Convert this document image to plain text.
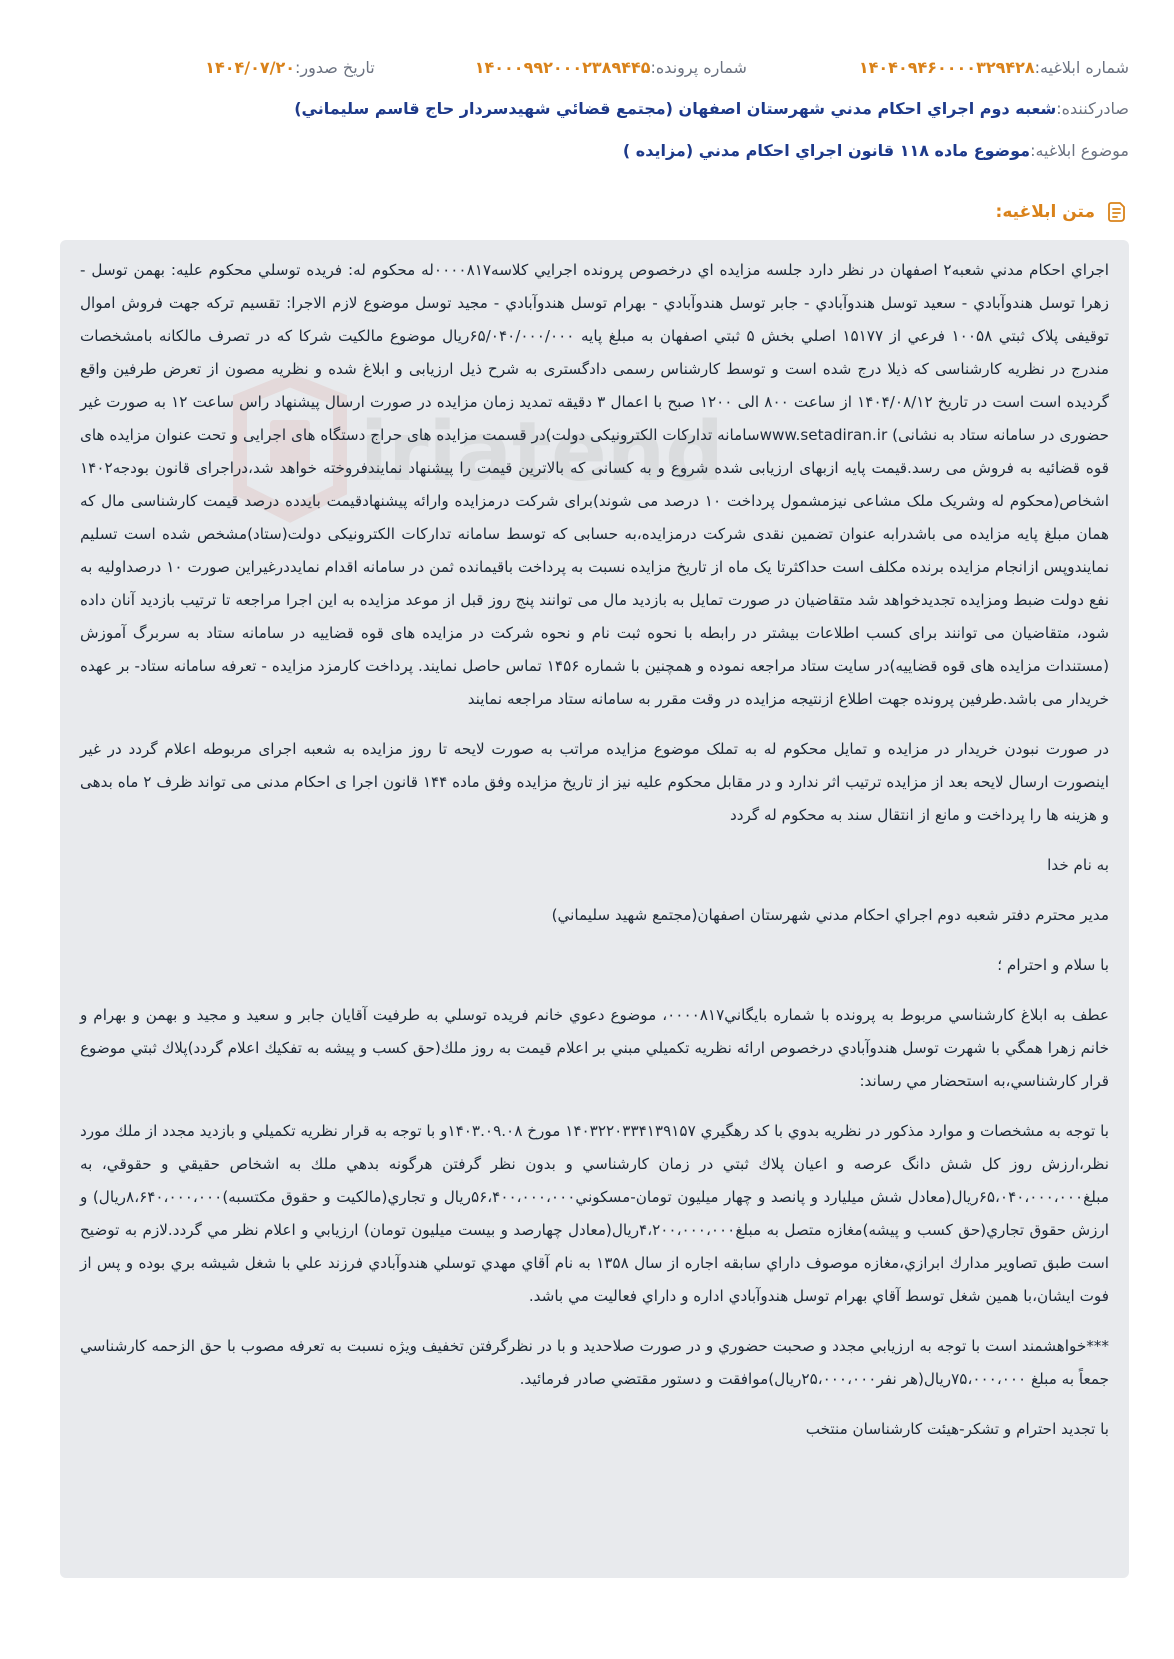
شماره ابلاغیه:
۱۴۰۴۰۹۴۶۰۰۰۰۳۲۹۴۲۸
شماره پرونده:
۱۴۰۰۰۹۹۲۰۰۰۲۳۸۹۴۴۵
تاریخ صدور:
۱۴۰۴/۰۷/۲۰
صادرکننده:
شعبه دوم اجراي احكام مدني شهرستان اصفهان (مجتمع قضائي شهيدسردار حاج قاسم سليماني)
موضوع ابلاغیه:
موضوع ماده ۱۱۸ قانون اجراي احكام مدني (مزايده )
متن ابلاغیه:
iriatend

اجراي احكام مدني شعبه۲ اصفهان در نظر دارد جلسه مزايده اي درخصوص پرونده اجرايي كلاسه۸۱۷‏۰۰۰۰له محكوم له: فريده توسلي محكوم عليه: بهمن توسل - زهرا توسل هندوآبادي - سعيد توسل هندوآبادي - جابر توسل هندوآبادي - بهرام توسل هندوآبادي - مجيد توسل موضوع لازم الاجرا: تقسيم تركه جهت فروش اموال توقيفی پلاک ثبتي ۱۰۰۵۸ فرعي از ۱۵۱۷۷ اصلي بخش ۵ ثبتي اصفهان به مبلغ پایه ۶۵/۰۴۰/۰۰۰/۰۰۰ريال موضوع مالکیت شرکا که در تصرف مالکانه بامشخصات مندرج در نظریه کارشناسی که ذیلا درج شده است و توسط کارشناس رسمی دادگستری به شرح ذیل ارزیابی و ابلاغ شده و نظریه مصون از تعرض طرفین واقع گردیده است است در تاریخ ۱۴۰۴/۰۸/۱۲ از ساعت ۸۰۰ الی ۱۲۰۰ صبح با اعمال ۳ دقیقه تمدید زمان مزایده در صورت ارسال پیشنهاد راس ساعت ۱۲ به صورت غیر حضوری در سامانه ستاد به نشانی) www.setadiran.irسامانه تداركات الكترونيكی دولت)در قسمت مزایده های حراج دستگاه های اجرایی و تحت عنوان مزایده های قوه قضائیه به فروش می رسد.قيمت پايه ازبهای ارزیابی شده شروع و به كسانی كه بالاترین قیمت را پیشنهاد نمایندفروخته خواهد شد،دراجرای قانون بودجه۱۴۰۲ اشخاص(محکوم له وشریک ملک مشاعی نیزمشمول پرداخت ۱۰ درصد می شوند)برای شركت درمزايده وارائه پيشنهادقيمت بايدده درصد قيمت كارشناسی مال كه همان مبلغ پايه مزايده می باشدرابه عنوان تضمين نقدی شركت درمزايده،به حسابی كه توسط سامانه تداركات الكترونيكی دولت(ستاد)مشخص شده است تسليم نمايندوپس ازانجام مزايده برنده مكلف است حداكثرتا يک ماه از تاريخ مزايده نسبت به پرداخت باقيمانده ثمن در سامانه اقدام نمايددرغيراين صورت ۱۰ درصداوليه به نفع دولت ضبط ومزايده تجديدخواهد شد متقاضیان در صورت تمایل به بازدید مال می توانند پنج روز قبل از موعد مزایده به این اجرا مراجعه تا ترتیب بازدید آنان داده شود، متقاضيان می توانند برای كسب اطلاعات بيشتر در رابطه با نحوه ثبت نام و نحوه شركت در مزايده های قوه قضاييه در سامانه ستاد به سربرگ آموزش (مستندات مزايده های قوه قضاييه)در سايت ستاد مراجعه نموده و همچنين با شماره ۱۴۵۶ تماس حاصل نمايند. پرداخت کارمزد مزایده - تعرفه سامانه ستاد- بر عهده خریدار می باشد.طرفین پرونده جهت اطلاع ازنتیجه مزایده در وقت مقرر به سامانه ستاد مراجعه نمایند

در صورت نبودن خریدار در مزایده و تمایل محکوم له به تملک موضوع مزایده مراتب به صورت لایحه تا روز مزایده به شعبه اجرای مربوطه اعلام گردد در غیر اینصورت ارسال لایحه بعد از مزایده ترتیب اثر ندارد و در مقابل محکوم علیه نیز از تاریخ مزایده وفق ماده ۱۴۴ قانون اجرا ی احکام مدنی می تواند ظرف ۲ ماه بدهی و هزینه ها را پرداخت و مانع از انتقال سند به محکوم له گردد

به نام خدا

مدير محترم دفتر شعبه دوم اجراي احكام مدني شهرستان اصفهان(مجتمع شهيد سليماني)

با سلام و احترام ؛

عطف به ابلاغ كارشناسي مربوط به پرونده با شماره بايگاني‎۸۱۷‏۰۰۰۰، موضوع دعوي خانم فريده توسلي به طرفيت آقايان جابر و سعيد و مجيد و بهمن و بهرام و خانم زهرا همگي با شهرت توسل هندوآبادي درخصوص ارائه نظريه تكميلي مبني بر اعلام قيمت به روز ملك(حق كسب و پيشه به تفكيك اعلام گردد)پلاك ثبتي موضوع قرار كارشناسي،به استحضار مي رساند:

با توجه به مشخصات و موارد مذكور در نظريه بدوي با كد رهگيري ۱۴۰۳۲۲۰۳۳۴۱۳۹۱۵۷ مورخ ۱۴۰۳.۰۹.۰۸و با توجه به قرار نظريه تكميلي و بازديد مجدد از ملك مورد نظر،ارزش روز كل شش دانگ عرصه و اعيان پلاك ثبتي در زمان كارشناسي و بدون نظر گرفتن هرگونه بدهي ملك به اشخاص حقيقي و حقوقي، به مبلغ۶۵،۰۴۰،۰۰۰،۰۰۰ريال(معادل شش ميليارد و پانصد و چهار ميليون تومان-مسكوني‎۵۶،۴۰۰،۰۰۰،۰۰۰ريال و تجاري(مالكيت و حقوق مكتسبه)‎۸،۶۴۰،۰۰۰،۰۰۰ريال) و ارزش حقوق تجاري(حق كسب و پيشه)مغازه متصل به مبلغ‎۴،۲۰۰،۰۰۰،۰۰۰ريال(معادل چهارصد و بيست ميليون تومان) ارزيابي و اعلام نظر مي گردد.لازم به توضيح است طبق تصاوير مدارك ابرازي،مغازه موصوف داراي سابقه اجاره از سال ۱۳۵۸ به نام آقاي مهدي توسلي هندوآبادي فرزند علي با شغل شيشه بري بوده و پس از فوت ايشان،با همين شغل توسط آقاي بهرام توسل هندوآبادي اداره و داراي فعاليت مي باشد.

***خواهشمند است با توجه به ارزيابي مجدد و صحبت حضوري و در صورت صلاحديد و با در نظرگرفتن تخفيف ويژه نسبت به تعرفه مصوب با حق الزحمه كارشناسي جمعاً به مبلغ ۷۵،۰۰۰،۰۰۰ريال(هر نفر‎۲۵،۰۰۰،۰۰۰ريال)موافقت و دستور مقتضي صادر فرمائيد.

با تجديد احترام و تشكر-هيئت كارشناسان منتخب
